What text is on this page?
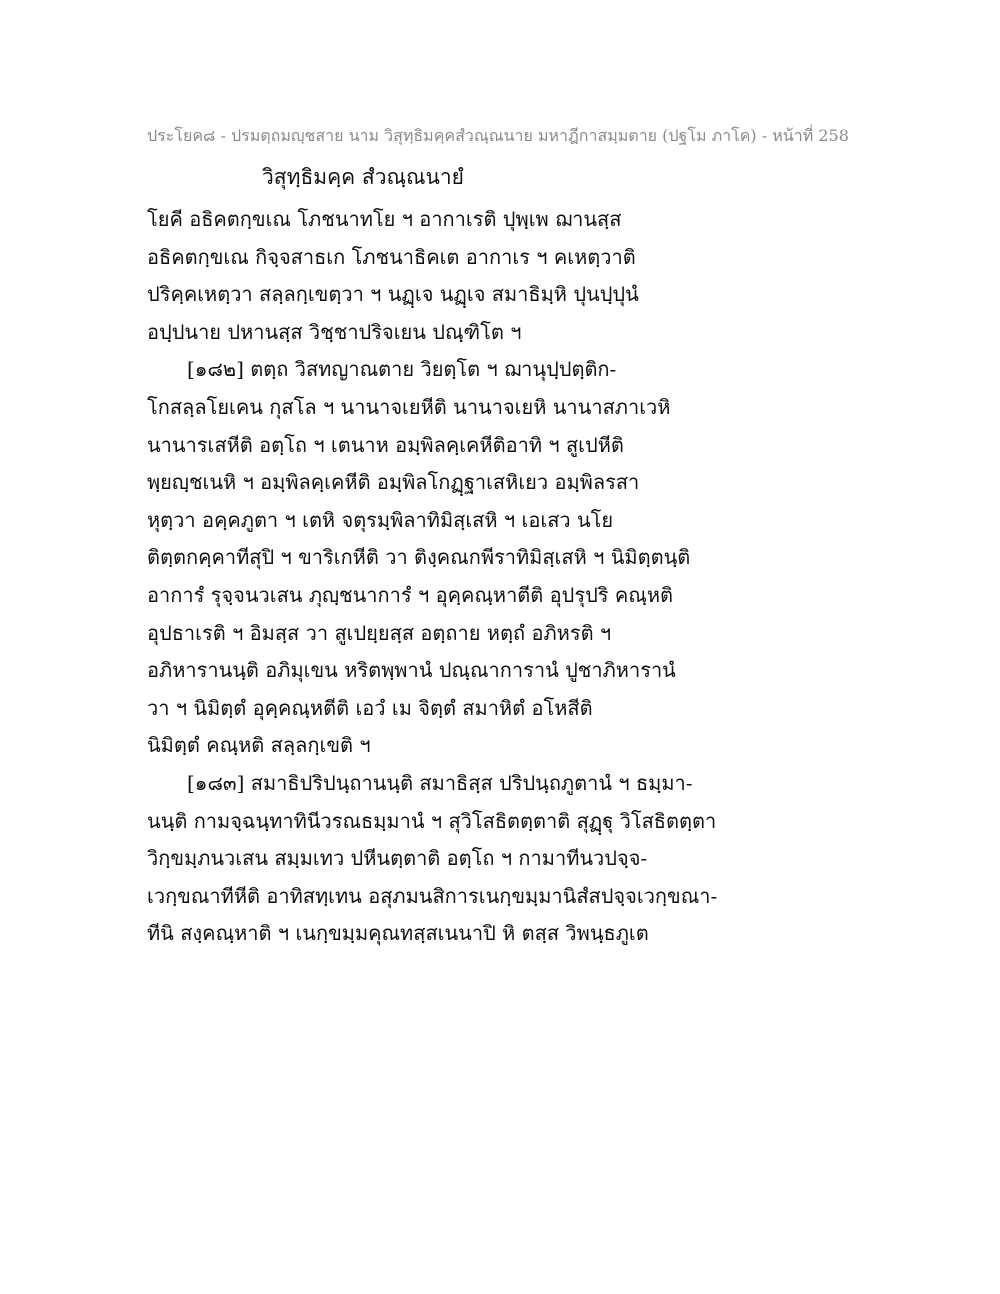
ประโยค๘ - ปรมตฺถมญฺชสาย นาม วิสุทฺธิมคฺคสํวณฺณนาย มหาฎีกาสมฺมตาย (ปฐโม ภาโค) - หน้าที่ 258
วิสุทฺธิมคฺค สํวณฺณนายํ
โยคี อธิคตกฺขเณ โภชนาทโย ฯ อากาเรติ ปุพฺเพ ฌานสฺส
อธิคตกฺขเณ กิจฺจสาธเก โภชนาธิคเต อากาเร ฯ คเหตฺวาติ
ปริคฺคเหตฺวา สลฺลกฺเขตฺวา ฯ นฏฺเจ นฏฺเจ สมาธิมฺหิ ปุนปฺปุนํ
อปฺปนาย ปหานสฺส วิชฺชาปริจเยน ปณฺฑิโต ฯ
[๑๘๒] ตตฺถ วิสทญาณตาย วิยตฺโต ฯ ฌานุปฺปตฺติก-
โกสลฺลโยเคน กุสโล ฯ นานาจเยหีติ นานาจเยหิ นานาสภาเวหิ
นานารเสหีติ อตฺโถ ฯ เตนาห อมฺพิลคฺเคหีติอาทิ ฯ สูเปหีติ
พฺยญฺชเนหิ ฯ อมฺพิลคฺเคหีติ อมฺพิลโกฏฺฐาเสหิเยว อมฺพิลรสา
หุตฺวา อคฺคภูตา ฯ เตหิ จตุรมฺพิลาทิมิสฺเสหิ ฯ เอเสว นโย
ติตฺตกคฺคาทีสุปิ ฯ ขาริเกหีติ วา ติงฺคณกพีราทิมิสฺเสหิ ฯ นิมิตฺตนฺติ
อาการํ รุจฺจนวเสน ภุญฺชนาการํ ฯ อุคฺคณฺหาตีติ อุปรุปริ คณฺหติ
อุปธาเรติ ฯ อิมสฺส วา สูเปยฺยสฺส อตฺถาย หตฺถํ อภิหรติ ฯ
อภิหารานนฺติ อภิมุเขน หริตพฺพานํ ปณฺณาการานํ ปูชาภิหารานํ
วา ฯ นิมิตฺตํ อุคฺคณฺหตีติ เอวํ เม จิตฺตํ สมาหิตํ อโหสีติ
นิมิตฺตํ คณฺหติ สลฺลกฺเขติ ฯ
[๑๘๓] สมาธิปริปนฺถานนฺติ สมาธิสฺส ปริปนฺถภูตานํ ฯ ธมฺมา-
นนฺติ กามจฺฉนฺทาทินีวรณธมฺมานํ ฯ สุวิโสธิตตฺตาติ สุฏฺฐุ วิโสธิตตฺตา
วิกฺขมฺภนวเสน สมฺมเทว ปหีนตฺตาติ อตฺโถ ฯ กามาทีนวปจฺจ-
เวกฺขณาทีหีติ อาทิสทฺเทน อสุภมนสิการเนกฺขมฺมานิสํสปจฺจเวกฺขณา-
ทีนิ สงฺคณฺหาติ ฯ เนกฺขมฺมคุณทสฺสเนนาปิ หิ ตสฺส วิพนฺธภูเต
